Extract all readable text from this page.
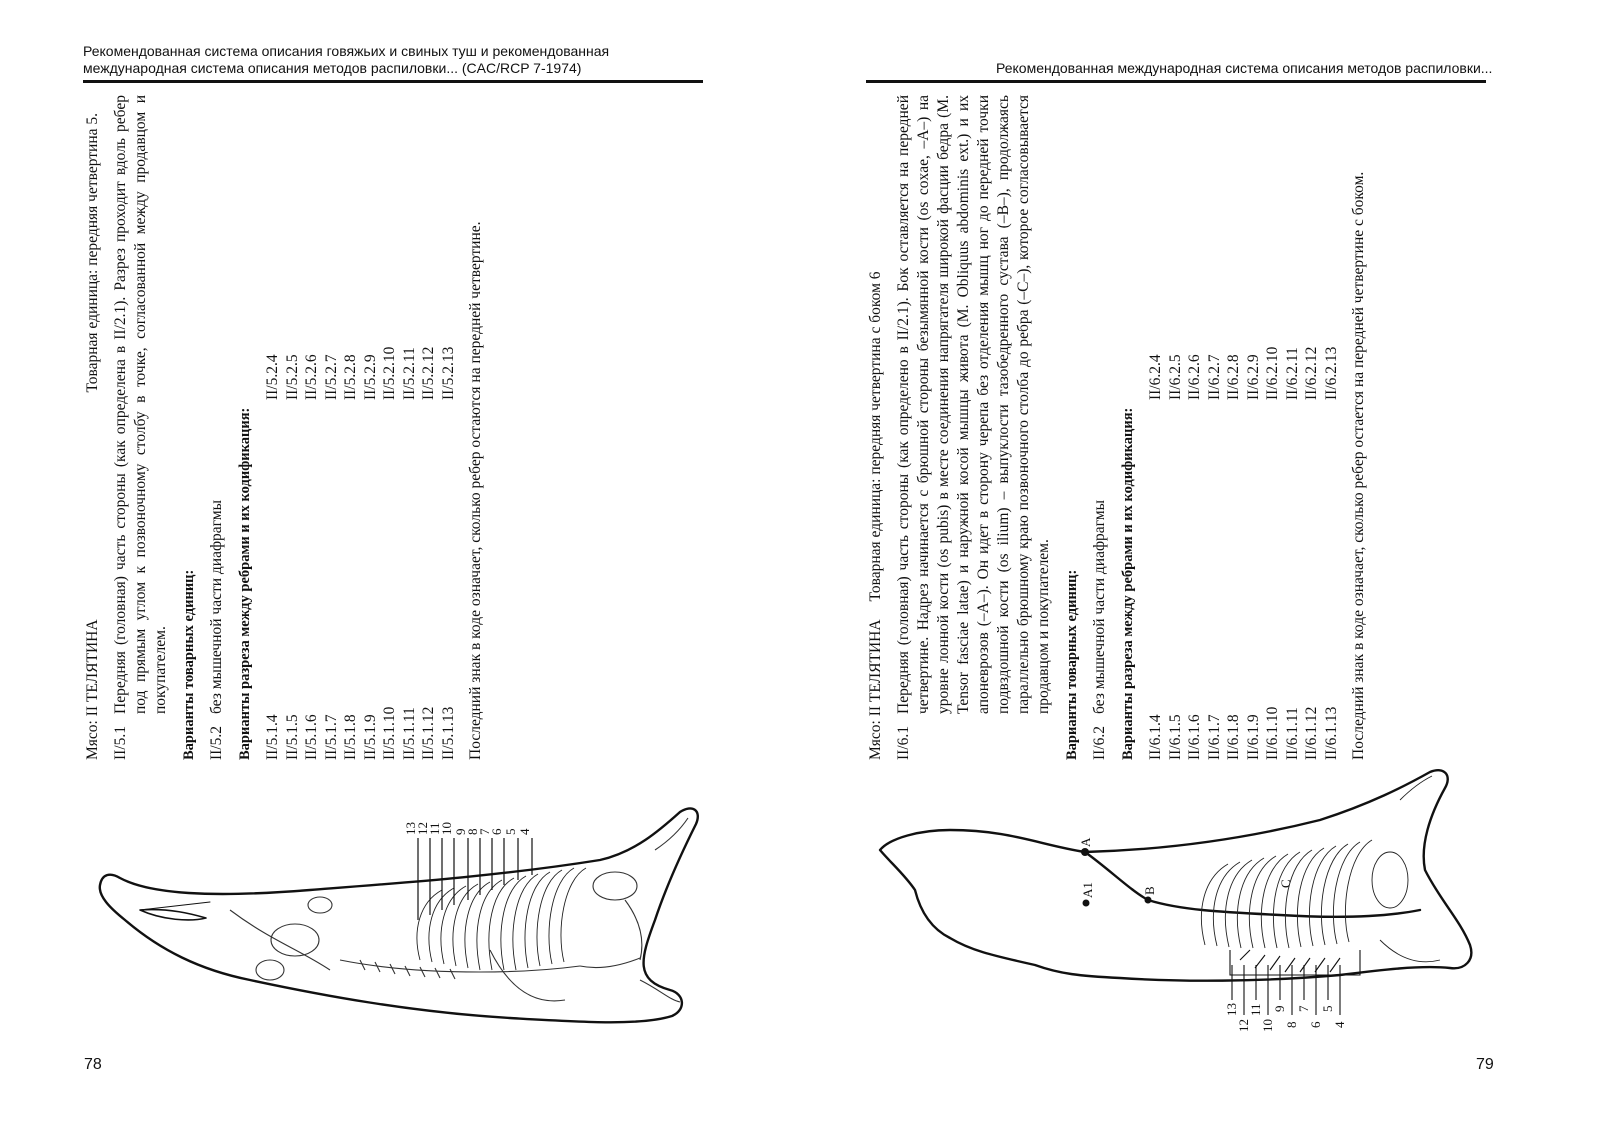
Рекомендованная система описания говяжьих и свиных туш и рекомендованная
международная система описания методов распиловки... (CAC/RCP 7-1974)
Мясо: II ТЕЛЯТИНА
Товарная единица: передняя четвертина 5.
II/5.1
Передняя (головная) часть стороны (как определена в II/2.1). Разрез проходит вдоль ребер под прямым углом к позвоночному столбу в точке, согласованной между продавцом и покупателем. Варианты товарных единиц: II/5.2
без мышечной части диафрагмы Варианты разреза между ребрами и их кодификация: II/5.1.4 II/5.1.5 II/5.1.6 II/5.1.7 II/5.1.8 II/5.1.9 II/5.1.10 II/5.1.11 II/5.1.12 II/5.1.13
II/5.2.4 II/5.2.5 II/5.2.6 II/5.2.7 II/5.2.8 II/5.2.9 II/5.2.10 II/5.2.11 II/5.2.12 II/5.2.13 Последний знак в коде означает, сколько ребер остаются на передней четвертине.
13
12
11
10 9
8
7
6 5 4
78
Рекомендованная международная система описания методов распиловки...
Мясо: II ТЕЛЯТИНА
Товарная единица: передняя четвертина с боком 6
II/6.1
Передняя (головная) часть стороны (как определено в II/2.1). Бок оставляется на передней четвертине. Надрез начинается с брюшной стороны безымянной кости (os coxae, –A–) на уровне лонной кости (os pubis) в месте соединения напрягателя широкой фасции бедра (M. Tensor fasciae latae) и наружной косой мышцы живота (M. Obliquus abdominis ext.) и их апоневрозов (–A–). Он идет в сторону черепа без отделения мышц ног до передней точки подвздошной кости (os ilium) – выпуклости тазобедренного сустава (–B–), продолжаясь параллельно брюшному краю позвоночного столба до ребра (–C–), которое согласовывается продавцом и покупателем. Варианты товарных единиц: II/6.2
без мышечной части диафрагмы Варианты разреза между ребрами и их кодификация: II/6.1.4 II/6.1.5 II/6.1.6 II/6.1.7 II/6.1.8 II/6.1.9 II/6.1.10 II/6.1.11 II/6.1.12 II/6.1.13
II/6.2.4 II/6.2.5 II/6.2.6 II/6.2.7 II/6.2.8 II/6.2.9 II/6.2.10 II/6.2.11 II/6.2.12 II/6.2.13 Последний знак в коде означает, сколько ребер остается на передней четвертине с боком.
A
A1	B
C
13
12
11
10
9
8
7
6
5
4
79
